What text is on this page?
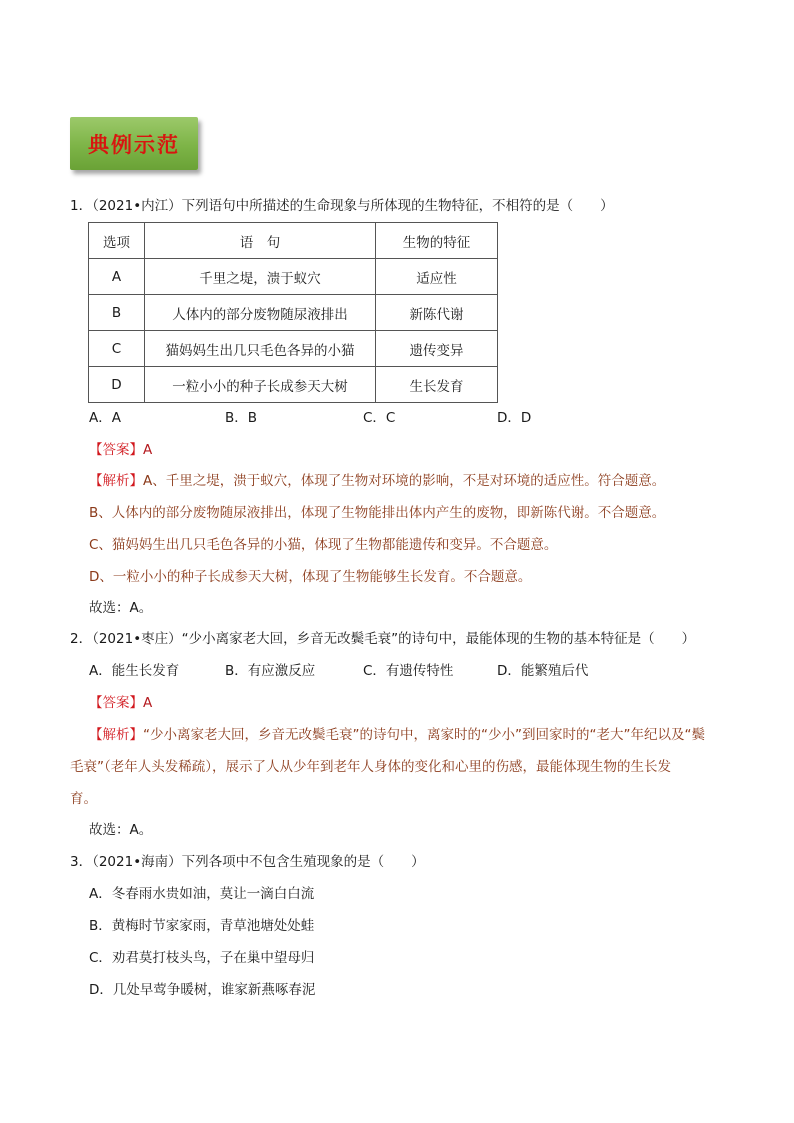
典例示范
1．（2021•内江）下列语句中所描述的生命现象与所体现的生物特征，不相符的是（　　）
选项	语　句	生物的特征
A	千里之堤，溃于蚁穴	适应性
B	人体内的部分废物随尿液排出	新陈代谢
C	猫妈妈生出几只毛色各异的小猫	遗传变异
D	一粒小小的种子长成参天大树	生长发育
A．A	B．B	C．C	D．D
【答案】A
【解析】A、千里之堤，溃于蚁穴，体现了生物对环境的影响，不是对环境的适应性。符合题意。
B、人体内的部分废物随尿液排出，体现了生物能排出体内产生的废物，即新陈代谢。不合题意。
C、猫妈妈生出几只毛色各异的小猫，体现了生物都能遗传和变异。不合题意。
D、一粒小小的种子长成参天大树，体现了生物能够生长发育。不合题意。
故选：A。
2．（2021•枣庄）“少小离家老大回，乡音无改鬓毛衰”的诗句中，最能体现的生物的基本特征是（　　）
A．能生长发育	B．有应激反应	C．有遗传特性	D．能繁殖后代
【答案】A
【解析】“少小离家老大回，乡音无改鬓毛衰”的诗句中，离家时的“少小”到回家时的“老大”年纪以及“鬓
毛衰”（老年人头发稀疏），展示了人从少年到老年人身体的变化和心里的伤感，最能体现生物的生长发
育。
故选：A。
3．（2021•海南）下列各项中不包含生殖现象的是（　　）
A．冬春雨水贵如油，莫让一滴白白流
B．黄梅时节家家雨，青草池塘处处蛙
C．劝君莫打枝头鸟，子在巢中望母归
D．几处早莺争暖树，谁家新燕啄春泥
